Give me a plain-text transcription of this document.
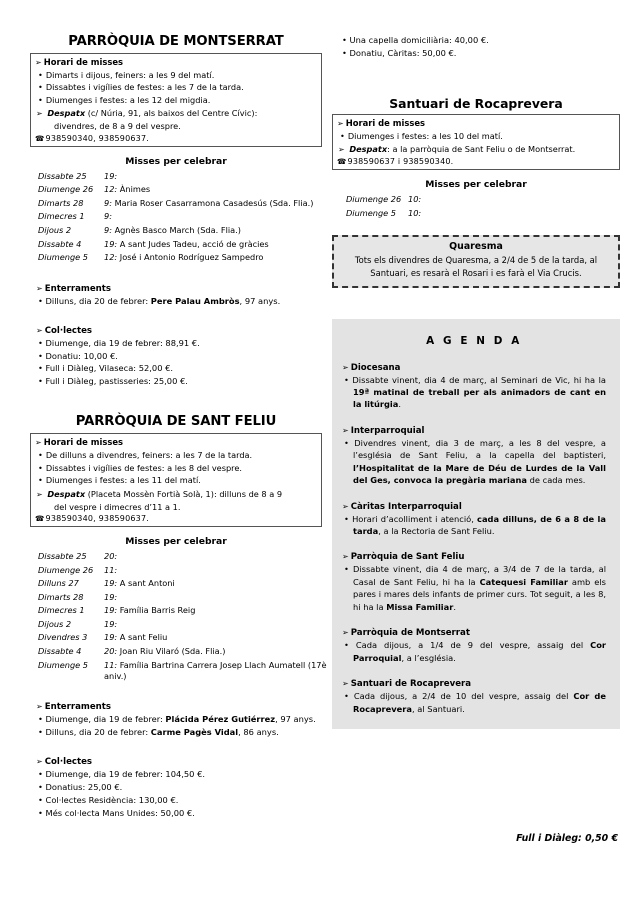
PARRÒQUIA DE MONTSERRAT
➢ Horari de misses
• Dimarts i dijous, feiners: a les 9 del matí.
• Dissabtes i vigílies de festes: a les 7 de la tarda.
• Diumenges i festes: a les 12 del migdia.
➢ Despatx (c/ Núria, 91, als baixos del Centre Cívic):
divendres, de 8 a 9 del vespre.
☎938590340, 938590637.
Misses per celebrar
Dissabte 25	19:
Diumenge 26	12: Ànimes
Dimarts 28	9: Maria Roser Casarramona Casadesús (Sda. Flia.)
Dimecres 1	9:
Dijous 2	9: Agnès Basco March (Sda. Flia.)
Dissabte 4	19: A sant Judes Tadeu, acció de gràcies
Diumenge 5	12: José i Antonio Rodríguez Sampedro
➢ Enterraments
• Dilluns, dia 20 de febrer: Pere Palau Ambròs, 97 anys.
➢ Col·lectes
• Diumenge, dia 19 de febrer: 88,91 €.
• Donatiu: 10,00 €.
• Full i Diàleg, Vilaseca: 52,00 €.
• Full i Diàleg, pastisseries: 25,00 €.
PARRÒQUIA DE SANT FELIU
➢ Horari de misses
• De dilluns a divendres, feiners: a les 7 de la tarda.
• Dissabtes i vigílies de festes: a les 8 del vespre.
• Diumenges i festes: a les 11 del matí.
➢ Despatx (Placeta Mossèn Fortià Solà, 1): dilluns de 8 a 9
del vespre i dimecres d’11 a 1.
☎938590340, 938590637.
Misses per celebrar
Dissabte 25	20:
Diumenge 26	11:
Dilluns 27	19: A sant Antoni
Dimarts 28	19:
Dimecres 1	19: Família Barris Reig
Dijous 2	19:
Divendres 3	19: A sant Feliu
Dissabte 4	20: Joan Riu Vilaró (Sda. Flia.)
Diumenge 5	11: Família Bartrina Carrera Josep Llach Aumatell (17è aniv.)
➢ Enterraments
• Diumenge, dia 19 de febrer: Plácida Pérez Gutiérrez, 97 anys.
• Dilluns, dia 20 de febrer: Carme Pagès Vidal, 86 anys.
➢ Col·lectes
• Diumenge, dia 19 de febrer: 104,50 €.
• Donatius: 25,00 €.
• Col·lectes Residència: 130,00 €.
• Més col·lecta Mans Unides: 50,00 €.
• Una capella domiciliària: 40,00 €.
• Donatiu, Càritas: 50,00 €.
Santuari de Rocaprevera
➢ Horari de misses
• Diumenges i festes: a les 10 del matí.
➢ Despatx: a la parròquia de Sant Feliu o de Montserrat.
☎938590637 i 938590340.
Misses per celebrar
Diumenge 26	10:
Diumenge 5	10:
Quaresma
Tots els divendres de Quaresma, a 2/4 de 5 de la tarda, al Santuari, es resarà el Rosari i es farà el Via Crucis.
A G E N D A
➢ Diocesana
• Dissabte vinent, dia 4 de març, al Seminari de Vic, hi ha la 19ª matinal de treball per als animadors de cant en la litúrgia.
➢ Interparroquial
• Divendres vinent, dia 3 de març, a les 8 del vespre, a l’església de Sant Feliu, a la capella del baptisteri, l’Hospitalitat de la Mare de Déu de Lurdes de la Vall del Ges, convoca la pregària mariana de cada mes.
➢ Càritas Interparroquial
• Horari d’acolliment i atenció, cada dilluns, de 6 a 8 de la tarda, a la Rectoria de Sant Feliu.
➢ Parròquia de Sant Feliu
• Dissabte vinent, dia 4 de març, a 3/4 de 7 de la tarda, al Casal de Sant Feliu, hi ha la Catequesi Familiar amb els pares i mares dels infants de primer curs. Tot seguit, a les 8, hi ha la Missa Familiar.
➢ Parròquia de Montserrat
• Cada dijous, a 1/4 de 9 del vespre, assaig del Cor Parroquial, a l’església.
➢ Santuari de Rocaprevera
• Cada dijous, a 2/4 de 10 del vespre, assaig del Cor de Rocaprevera, al Santuari.
Full i Diàleg: 0,50 €
